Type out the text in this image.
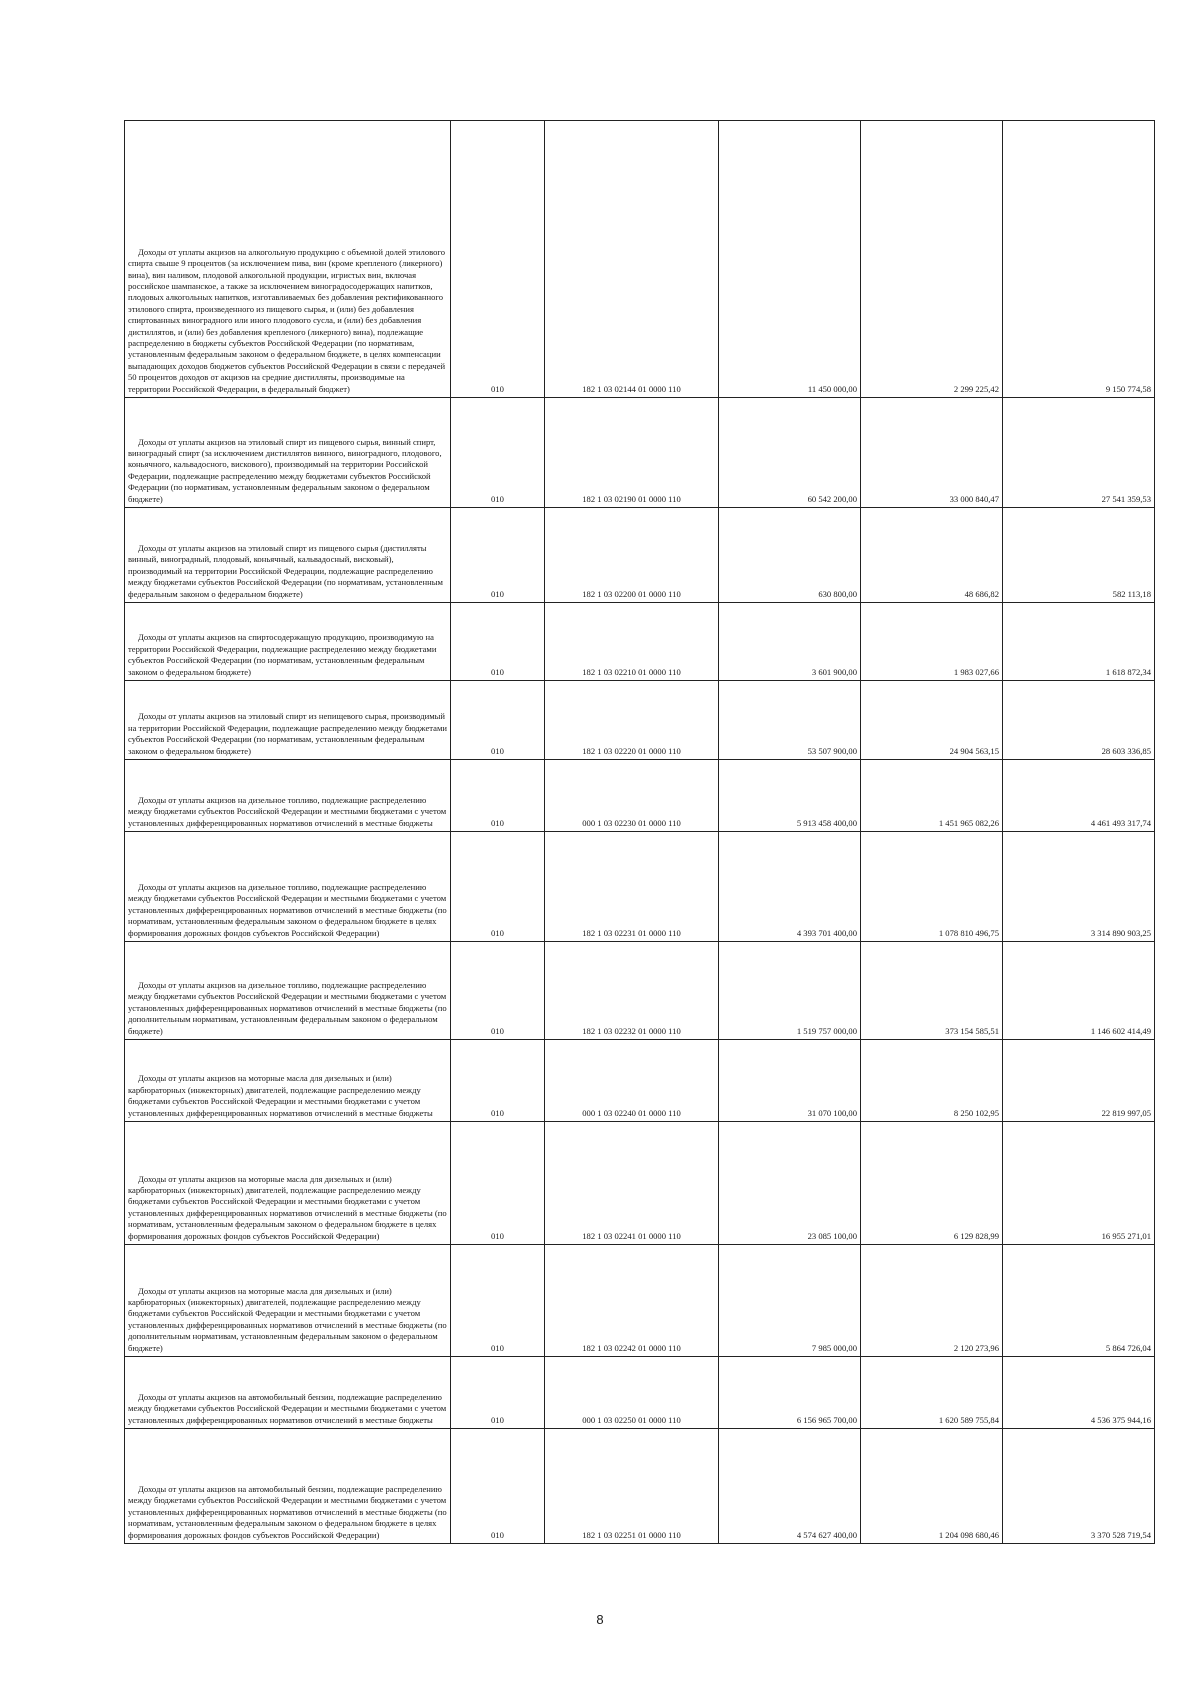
Доходы от уплаты акцизов на алкогольную продукцию с объемной долей этилового спирта свыше 9 процентов (за исключением пива, вин (кроме крепленого (ликерного) вина), вин наливом, плодовой алкогольной продукции, игристых вин, включая российское шампанское, а также за исключением виноградосодержащих напитков, плодовых алкогольных напитков, изготавливаемых без добавления ректификованного этилового спирта, произведенного из пищевого сырья, и (или) без добавления спиртованных виноградного или иного плодового сусла, и (или) без добавления дистиллятов, и (или) без добавления крепленого (ликерного) вина), подлежащие распределению в бюджеты субъектов Российской Федерации (по нормативам, установленным федеральным законом о федеральном бюджете, в целях компенсации выпадающих доходов бюджетов субъектов Российской Федерации в связи с передачей 50 процентов доходов от акцизов на средние дистилляты, производимые на территории Российской Федерации, в федеральный бюджет)	010	182 1 03 02144 01 0000 110	11 450 000,00	2 299 225,42	9 150 774,58

Доходы от уплаты акцизов на этиловый спирт из пищевого сырья, винный спирт, виноградный спирт (за исключением дистиллятов винного, виноградного, плодового, коньячного, кальвадосного, вискового), производимый на территории Российской Федерации, подлежащие распределению между бюджетами субъектов Российской Федерации (по нормативам, установленным федеральным законом о федеральном бюджете)	010	182 1 03 02190 01 0000 110	60 542 200,00	33 000 840,47	27 541 359,53

Доходы от уплаты акцизов на этиловый спирт из пищевого сырья (дистилляты винный, виноградный, плодовый, коньячный, кальвадосный, висковый), производимый на территории Российской Федерации, подлежащие распределению между бюджетами субъектов Российской Федерации (по нормативам, установленным федеральным законом о федеральном бюджете)	010	182 1 03 02200 01 0000 110	630 800,00	48 686,82	582 113,18

Доходы от уплаты акцизов на спиртосодержащую продукцию, производимую на территории Российской Федерации, подлежащие распределению между бюджетами субъектов Российской Федерации (по нормативам, установленным федеральным законом о федеральном бюджете)	010	182 1 03 02210 01 0000 110	3 601 900,00	1 983 027,66	1 618 872,34

Доходы от уплаты акцизов на этиловый спирт из непищевого сырья, производимый на территории Российской Федерации, подлежащие распределению между бюджетами субъектов Российской Федерации (по нормативам, установленным федеральным законом о федеральном бюджете)	010	182 1 03 02220 01 0000 110	53 507 900,00	24 904 563,15	28 603 336,85

Доходы от уплаты акцизов на дизельное топливо, подлежащие распределению между бюджетами субъектов Российской Федерации и местными бюджетами с учетом установленных дифференцированных нормативов отчислений в местные бюджеты	010	000 1 03 02230 01 0000 110	5 913 458 400,00	1 451 965 082,26	4 461 493 317,74

Доходы от уплаты акцизов на дизельное топливо, подлежащие распределению между бюджетами субъектов Российской Федерации и местными бюджетами с учетом установленных дифференцированных нормативов отчислений в местные бюджеты (по нормативам, установленным федеральным законом о федеральном бюджете в целях формирования дорожных фондов субъектов Российской Федерации)	010	182 1 03 02231 01 0000 110	4 393 701 400,00	1 078 810 496,75	3 314 890 903,25

Доходы от уплаты акцизов на дизельное топливо, подлежащие распределению между бюджетами субъектов Российской Федерации и местными бюджетами с учетом установленных дифференцированных нормативов отчислений в местные бюджеты (по дополнительным нормативам, установленным федеральным законом о федеральном бюджете)	010	182 1 03 02232 01 0000 110	1 519 757 000,00	373 154 585,51	1 146 602 414,49

Доходы от уплаты акцизов на моторные масла для дизельных и (или) карбюраторных (инжекторных) двигателей, подлежащие распределению между бюджетами субъектов Российской Федерации и местными бюджетами с учетом установленных дифференцированных нормативов отчислений в местные бюджеты	010	000 1 03 02240 01 0000 110	31 070 100,00	8 250 102,95	22 819 997,05

Доходы от уплаты акцизов на моторные масла для дизельных и (или) карбюраторных (инжекторных) двигателей, подлежащие распределению между бюджетами субъектов Российской Федерации и местными бюджетами с учетом установленных дифференцированных нормативов отчислений в местные бюджеты (по нормативам, установленным федеральным законом о федеральном бюджете в целях формирования дорожных фондов субъектов Российской Федерации)	010	182 1 03 02241 01 0000 110	23 085 100,00	6 129 828,99	16 955 271,01

Доходы от уплаты акцизов на моторные масла для дизельных и (или) карбюраторных (инжекторных) двигателей, подлежащие распределению между бюджетами субъектов Российской Федерации и местными бюджетами с учетом установленных дифференцированных нормативов отчислений в местные бюджеты (по дополнительным нормативам, установленным федеральным законом о федеральном бюджете)	010	182 1 03 02242 01 0000 110	7 985 000,00	2 120 273,96	5 864 726,04

Доходы от уплаты акцизов на автомобильный бензин, подлежащие распределению между бюджетами субъектов Российской Федерации и местными бюджетами с учетом установленных дифференцированных нормативов отчислений в местные бюджеты	010	000 1 03 02250 01 0000 110	6 156 965 700,00	1 620 589 755,84	4 536 375 944,16

Доходы от уплаты акцизов на автомобильный бензин, подлежащие распределению между бюджетами субъектов Российской Федерации и местными бюджетами с учетом установленных дифференцированных нормативов отчислений в местные бюджеты (по нормативам, установленным федеральным законом о федеральном бюджете в целях формирования дорожных фондов субъектов Российской Федерации)	010	182 1 03 02251 01 0000 110	4 574 627 400,00	1 204 098 680,46	3 370 528 719,54
8
